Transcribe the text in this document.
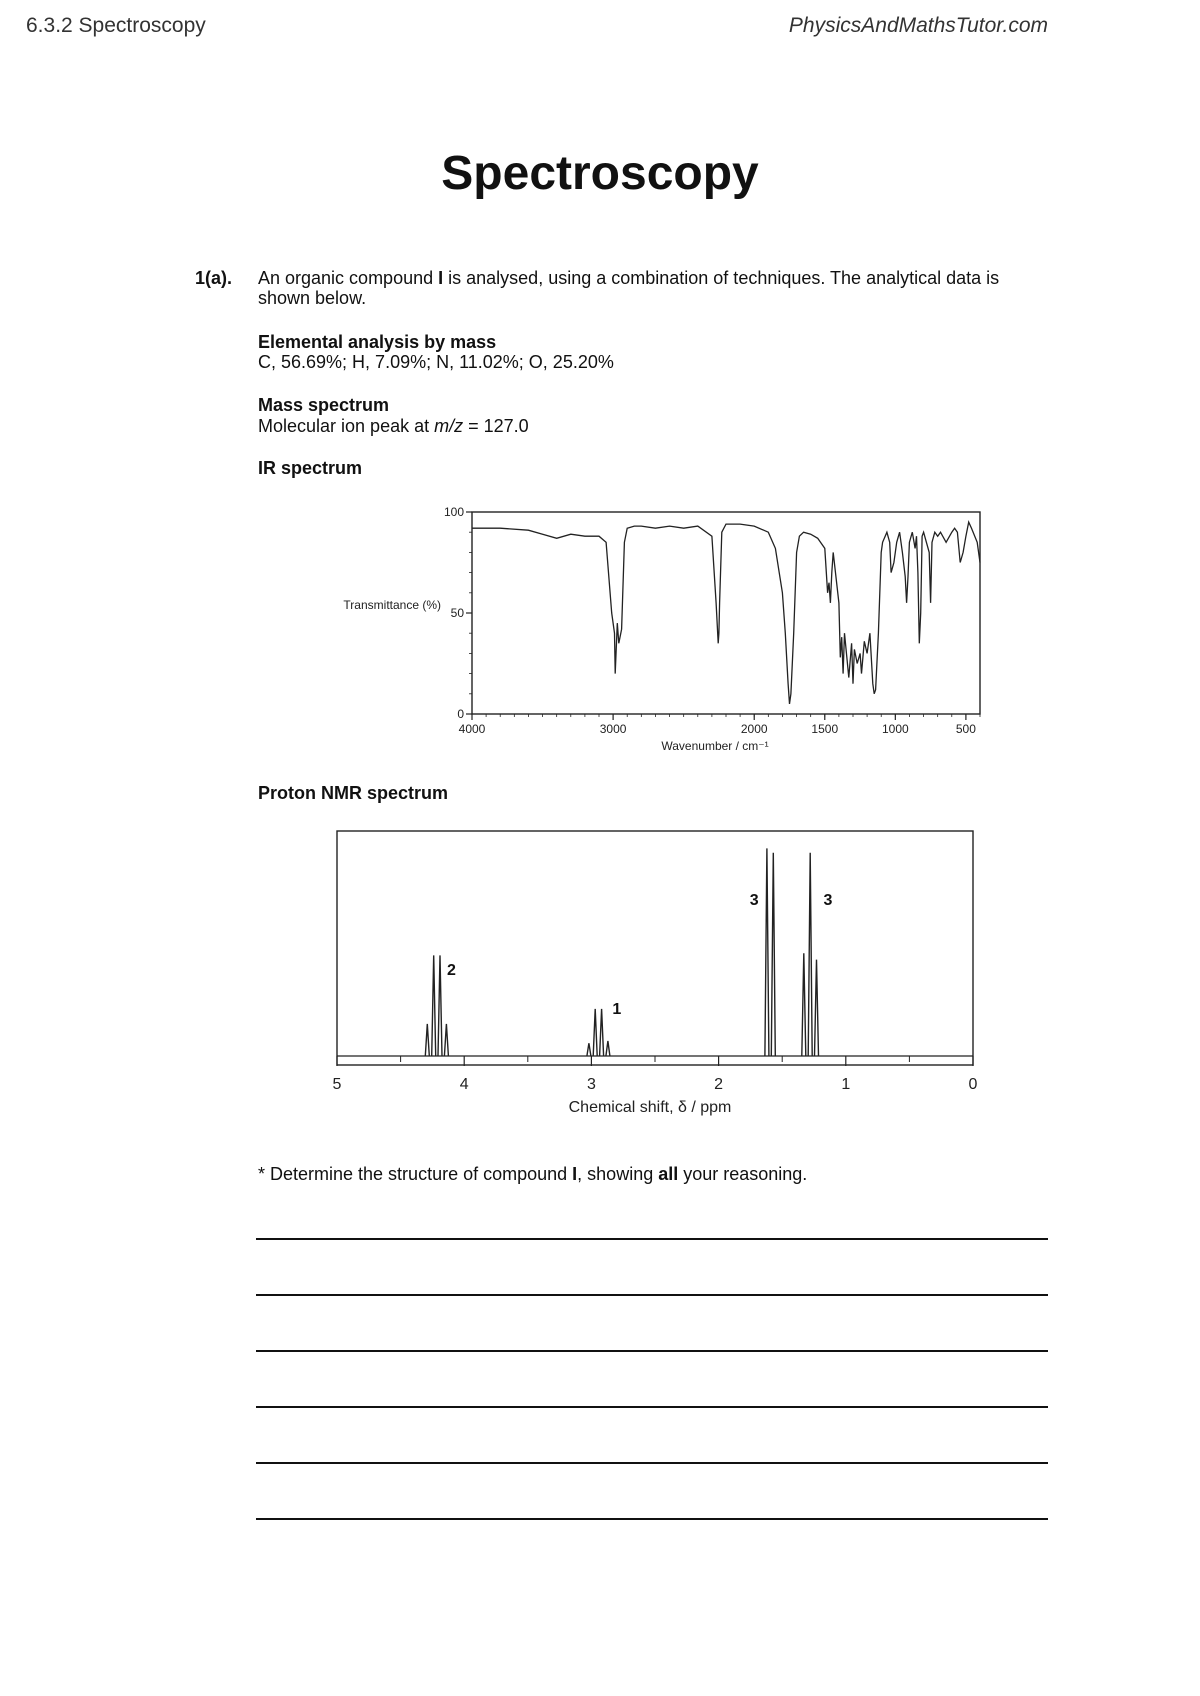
6.3.2 Spectroscopy	PhysicsAndMathsTutor.com
Spectroscopy
1(a). An organic compound I is analysed, using a combination of techniques. The analytical data is shown below.
Elemental analysis by mass
C, 56.69%; H, 7.09%; N, 11.02%; O, 25.20%
Mass spectrum
Molecular ion peak at m/z = 127.0
IR spectrum
Transmittance (%)
Wavenumber / cm⁻¹
4000	3000	2000	1500	1000	500
0
50
100
Proton NMR spectrum
Chemical shift, δ / ppm
5	4	3	2	1	0
2
1
3	3
* Determine the structure of compound I, showing all your reasoning.
